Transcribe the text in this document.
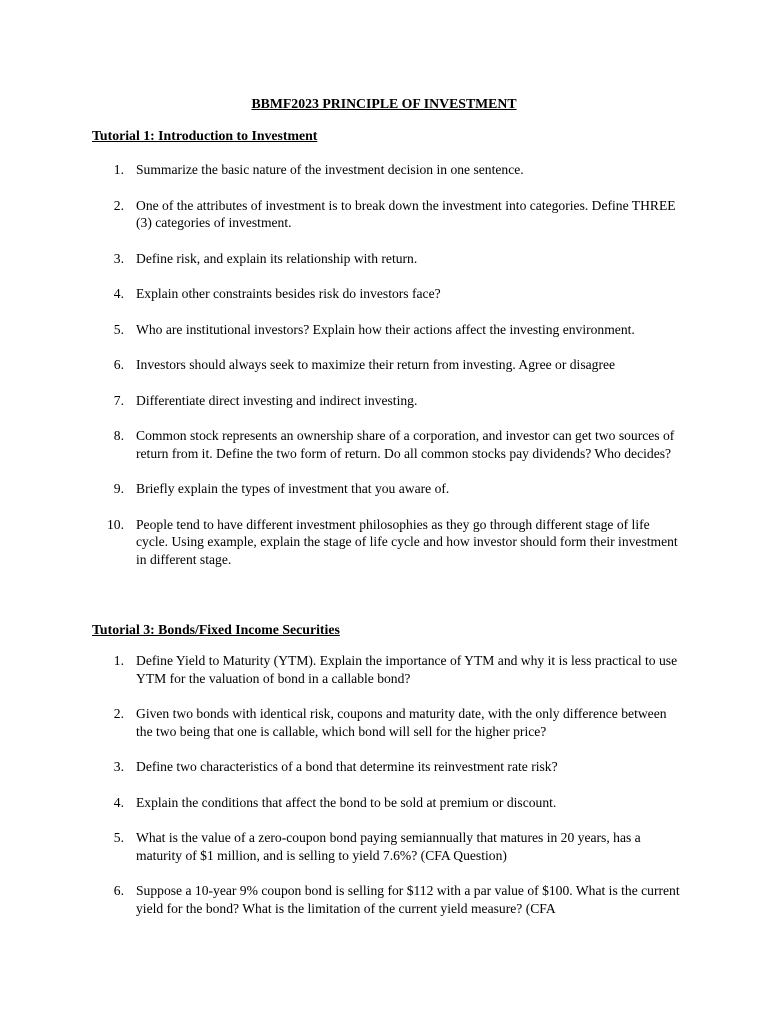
BBMF2023 PRINCIPLE OF INVESTMENT
Tutorial 1: Introduction to Investment
1. Summarize the basic nature of the investment decision in one sentence.
2. One of the attributes of investment is to break down the investment into categories. Define THREE (3) categories of investment.
3. Define risk, and explain its relationship with return.
4. Explain other constraints besides risk do investors face?
5. Who are institutional investors? Explain how their actions affect the investing environment.
6. Investors should always seek to maximize their return from investing. Agree or disagree
7. Differentiate direct investing and indirect investing.
8. Common stock represents an ownership share of a corporation, and investor can get two sources of return from it. Define the two form of return. Do all common stocks pay dividends? Who decides?
9. Briefly explain the types of investment that you aware of.
10. People tend to have different investment philosophies as they go through different stage of life cycle. Using example, explain the stage of life cycle and how investor should form their investment in different stage.
Tutorial 3: Bonds/Fixed Income Securities
1. Define Yield to Maturity (YTM). Explain the importance of YTM and why it is less practical to use YTM for the valuation of bond in a callable bond?
2. Given two bonds with identical risk, coupons and maturity date, with the only difference between the two being that one is callable, which bond will sell for the higher price?
3. Define two characteristics of a bond that determine its reinvestment rate risk?
4. Explain the conditions that affect the bond to be sold at premium or discount.
5. What is the value of a zero-coupon bond paying semiannually that matures in 20 years, has a maturity of $1 million, and is selling to yield 7.6%? (CFA Question)
6. Suppose a 10-year 9% coupon bond is selling for $112 with a par value of $100. What is the current yield for the bond? What is the limitation of the current yield measure? (CFA
